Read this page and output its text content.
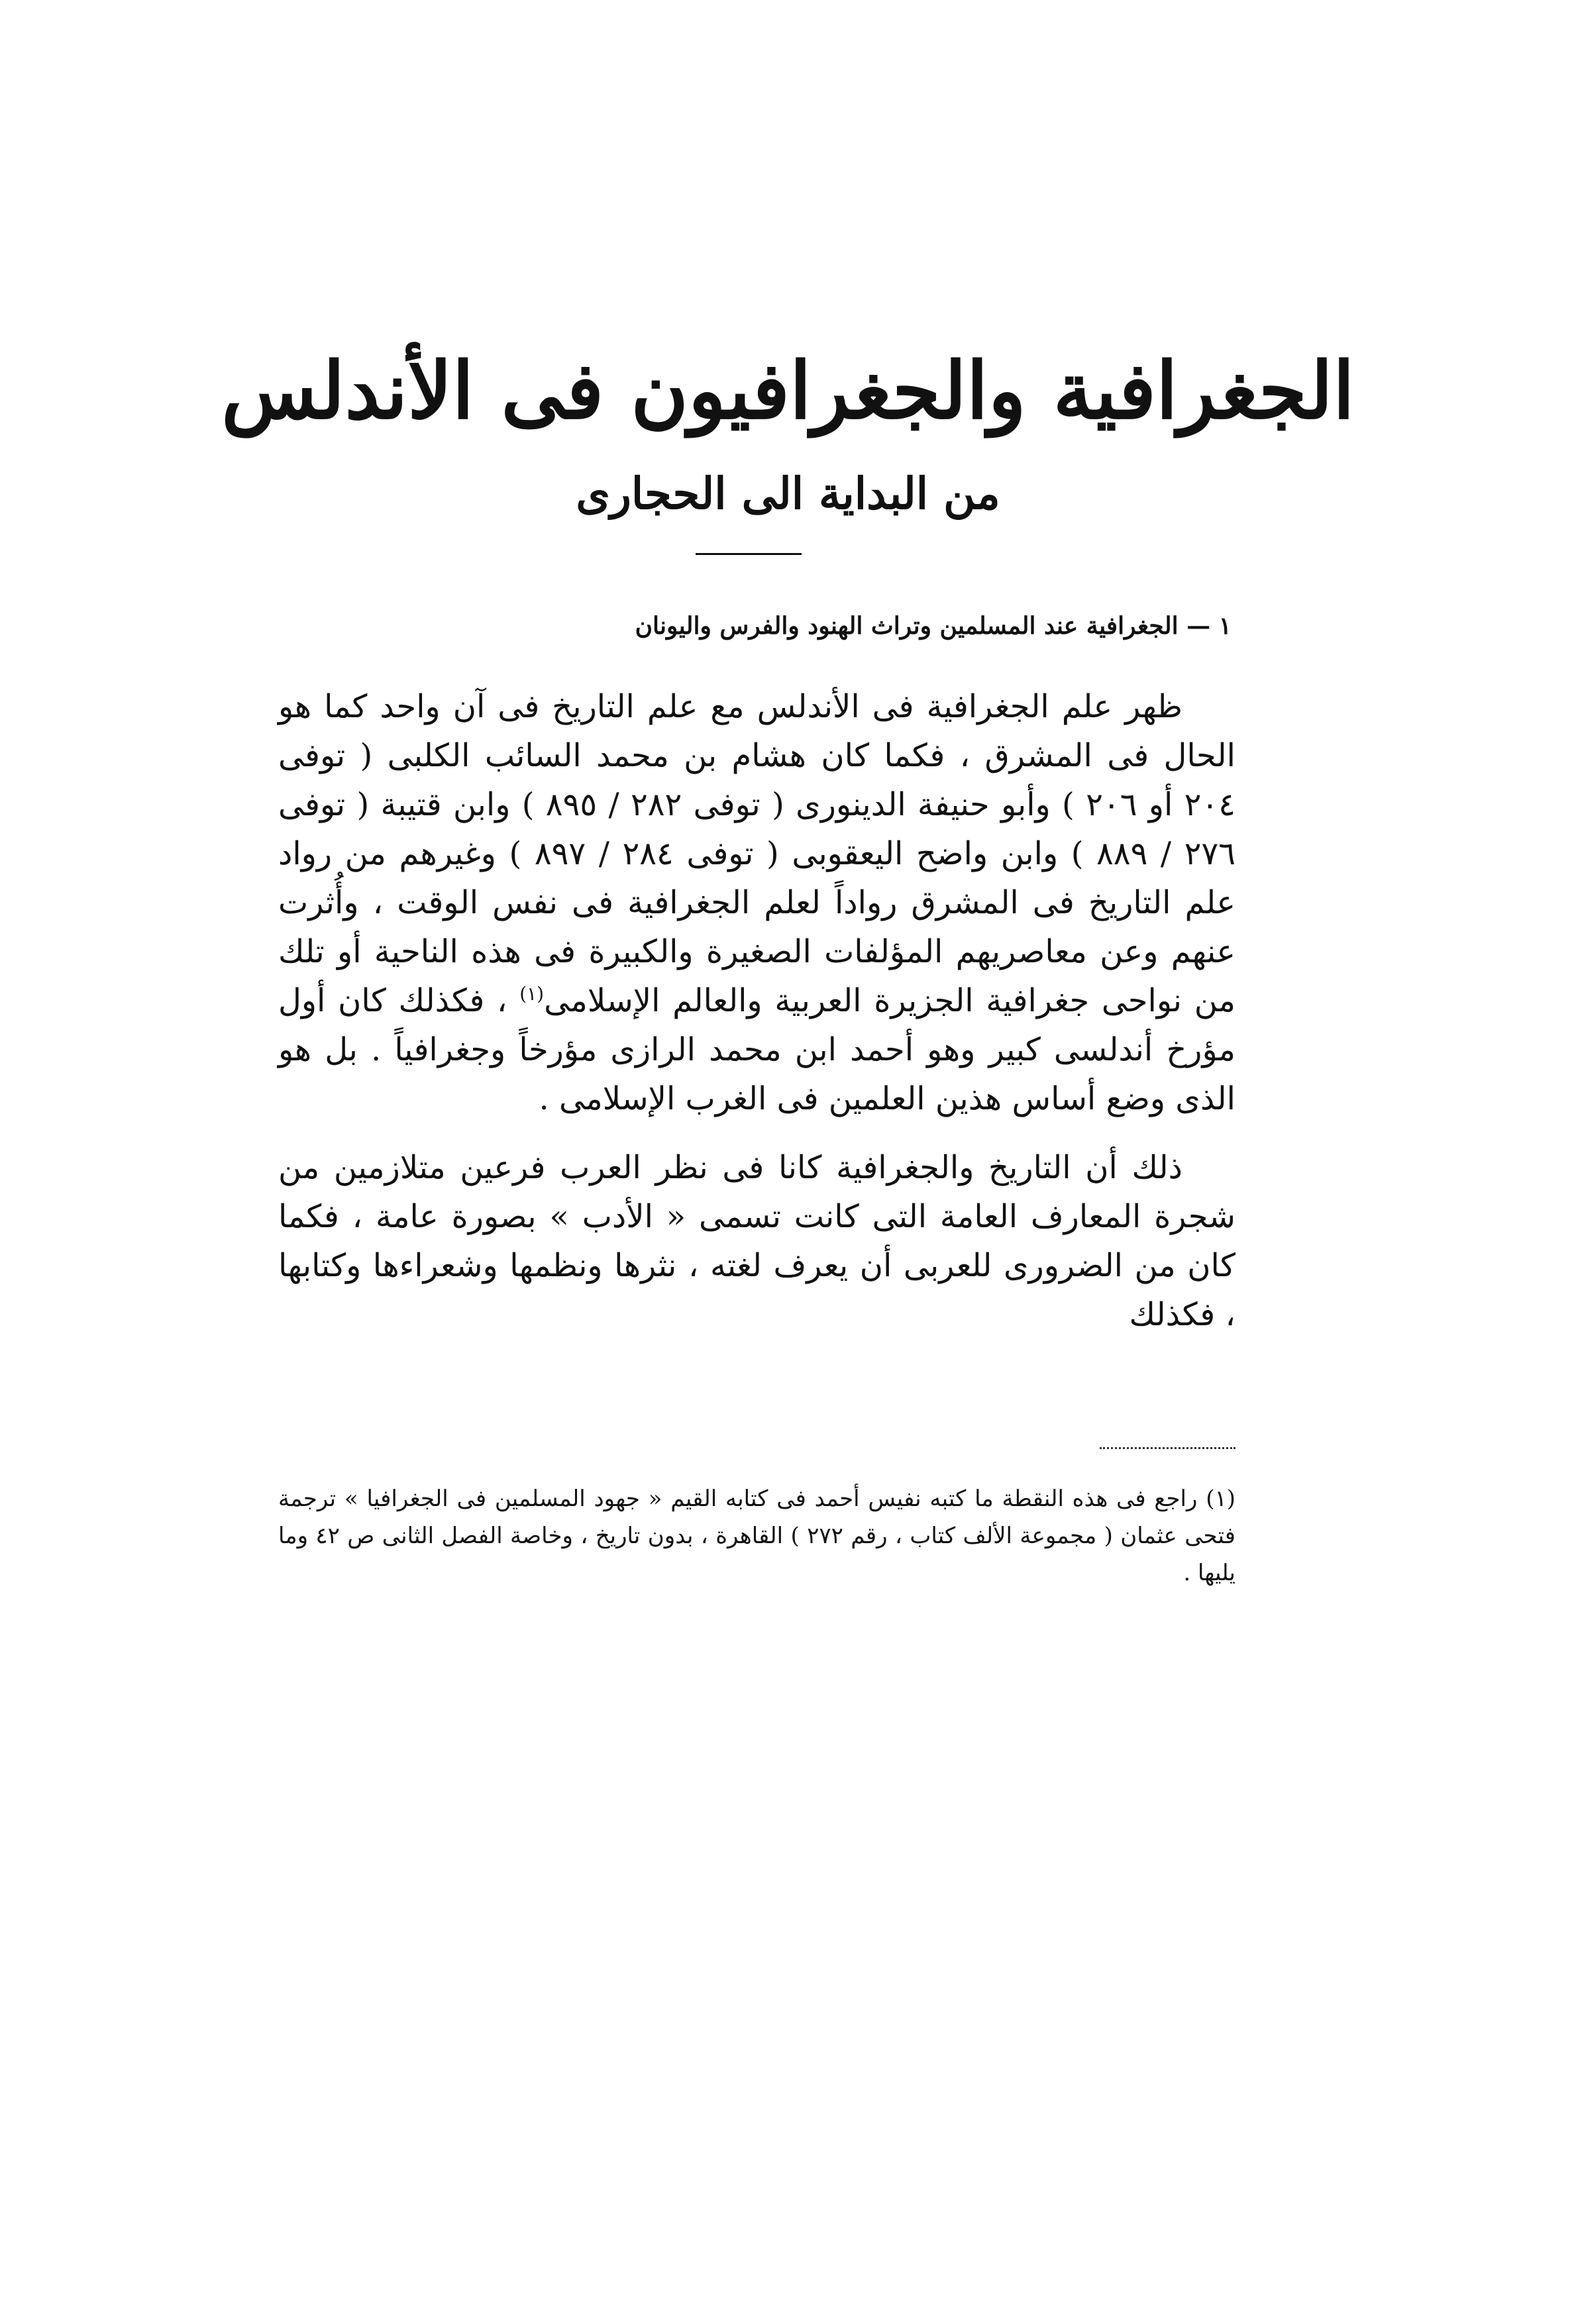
الجغرافية والجغرافيون فى الأندلس
من البداية الى الحجارى
١ — الجغرافية عند المسلمين وتراث الهنود والفرس واليونان

ظهر علم الجغرافية فى الأندلس مع علم التاريخ فى آن واحد كما هو الحال فى المشرق ، فكما كان هشام بن محمد السائب الكلبى ( توفى ٢٠٤ أو ٢٠٦ ) وأبو حنيفة الدينورى ( توفى ٢٨٢ / ٨٩٥ ) وابن قتيبة ( توفى ٢٧٦ / ٨٨٩ ) وابن واضح اليعقوبى ( توفى ٢٨٤ / ٨٩٧ ) وغيرهم من رواد علم التاريخ فى المشرق رواداً لعلم الجغرافية فى نفس الوقت ، وأُثرت عنهم وعن معاصريهم المؤلفات الصغيرة والكبيرة فى هذه الناحية أو تلك من نواحى جغرافية الجزيرة العربية والعالم الإسلامى$^{(١)}$ ، فكذلك كان أول مؤرخ أندلسى كبير وهو أحمد ابن محمد الرازى مؤرخاً وجغرافياً . بل هو الذى وضع أساس هذين العلمين فى الغرب الإسلامى .

ذلك أن التاريخ والجغرافية كانا فى نظر العرب فرعين متلازمين من شجرة المعارف العامة التى كانت تسمى « الأدب » بصورة عامة ، فكما كان من الضرورى للعربى أن يعرف لغته ، نثرها ونظمها وشعراءها وكتابها ، فكذلك

(١) راجع فى هذه النقطة ما كتبه نفيس أحمد فى كتابه القيم « جهود المسلمين فى الجغرافيا » ترجمة فتحى عثمان ( مجموعة الألف كتاب ، رقم ٢٧٢ ) القاهرة ، بدون تاريخ ، وخاصة الفصل الثانى ص ٤٢ وما يليها .
